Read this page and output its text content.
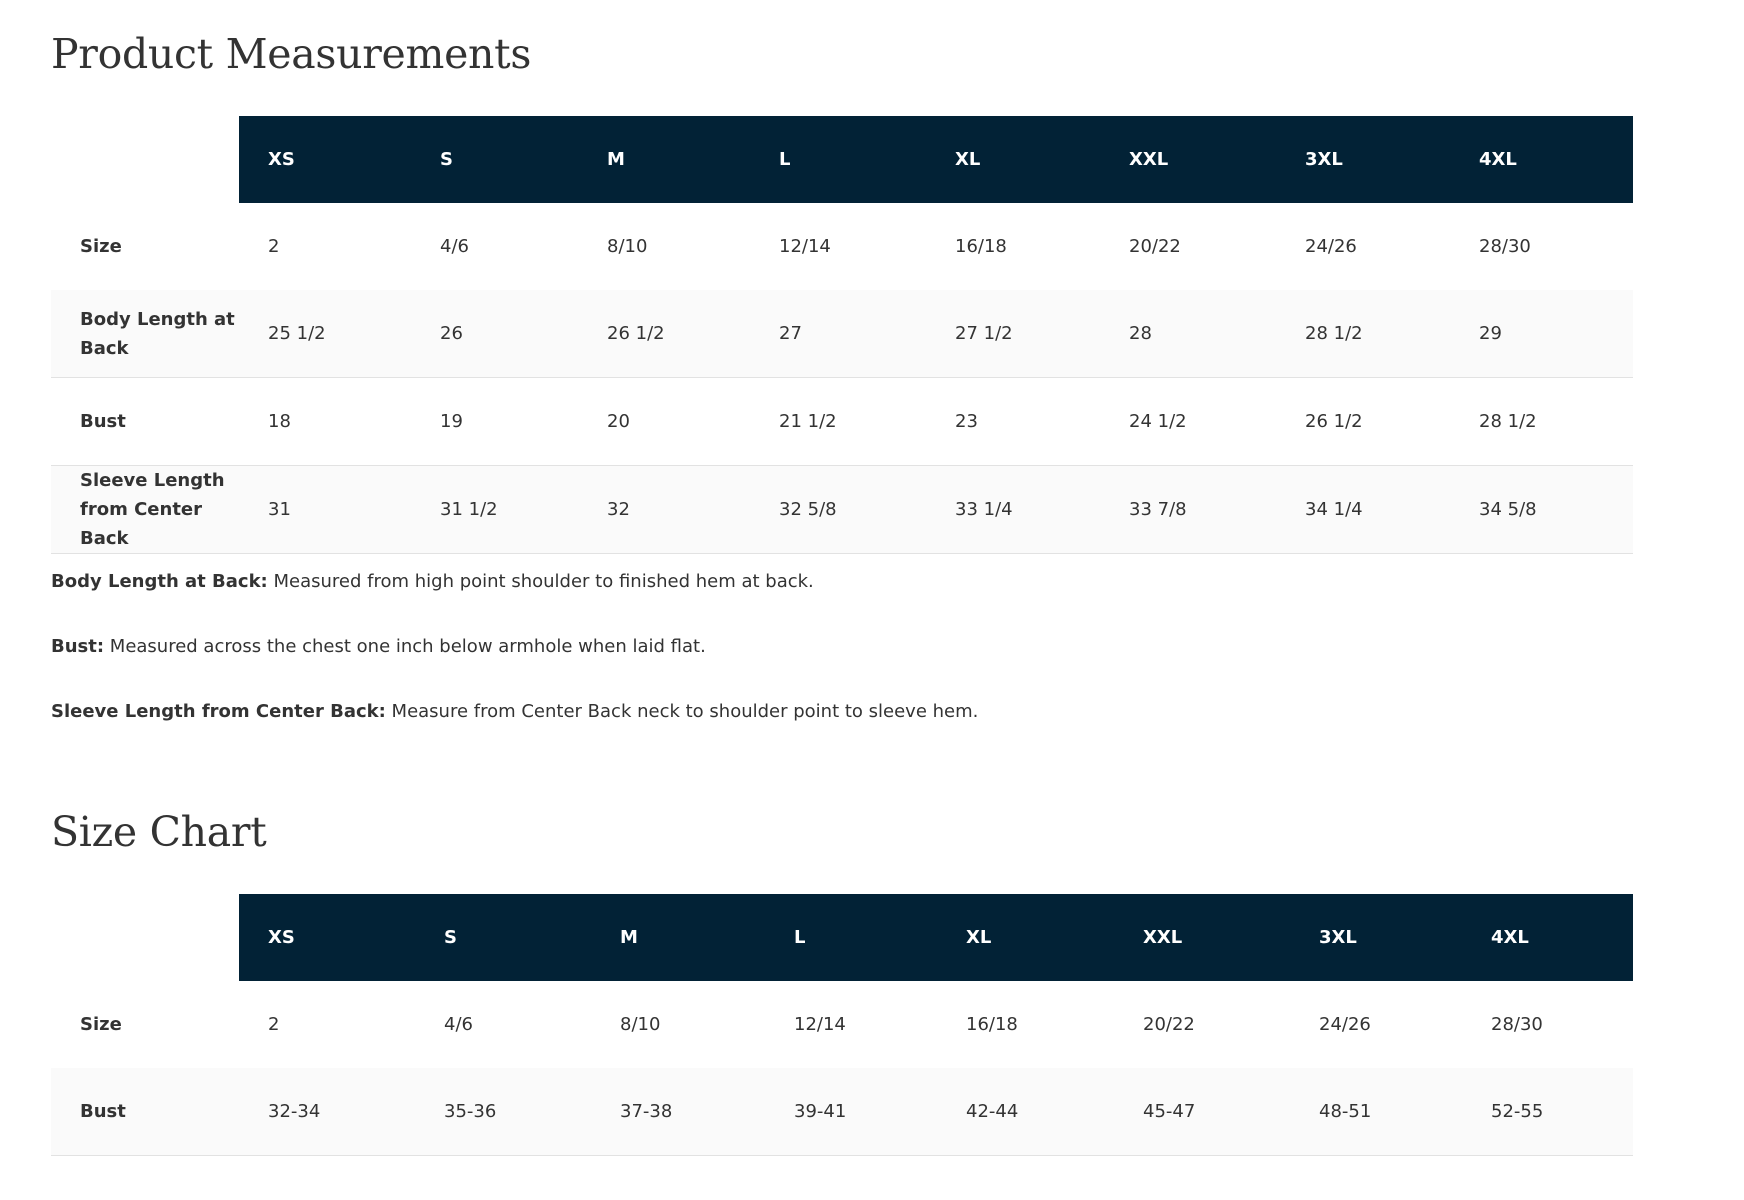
Product Measurements
	XS	S	M	L	XL	XXL	3XL	4XL
Size	2	4/6	8/10	12/14	16/18	20/22	24/26	28/30
Body Length at Back	25 1/2	26	26 1/2	27	27 1/2	28	28 1/2	29
Bust	18	19	20	21 1/2	23	24 1/2	26 1/2	28 1/2
Sleeve Length from Center Back	31	31 1/2	32	32 5/8	33 1/4	33 7/8	34 1/4	34 5/8

Body Length at Back: Measured from high point shoulder to finished hem at back.

Bust: Measured across the chest one inch below armhole when laid flat.

Sleeve Length from Center Back: Measure from Center Back neck to shoulder point to sleeve hem.

Size Chart
	XS	S	M	L	XL	XXL	3XL	4XL
Size	2	4/6	8/10	12/14	16/18	20/22	24/26	28/30
Bust	32-34	35-36	37-38	39-41	42-44	45-47	48-51	52-55
